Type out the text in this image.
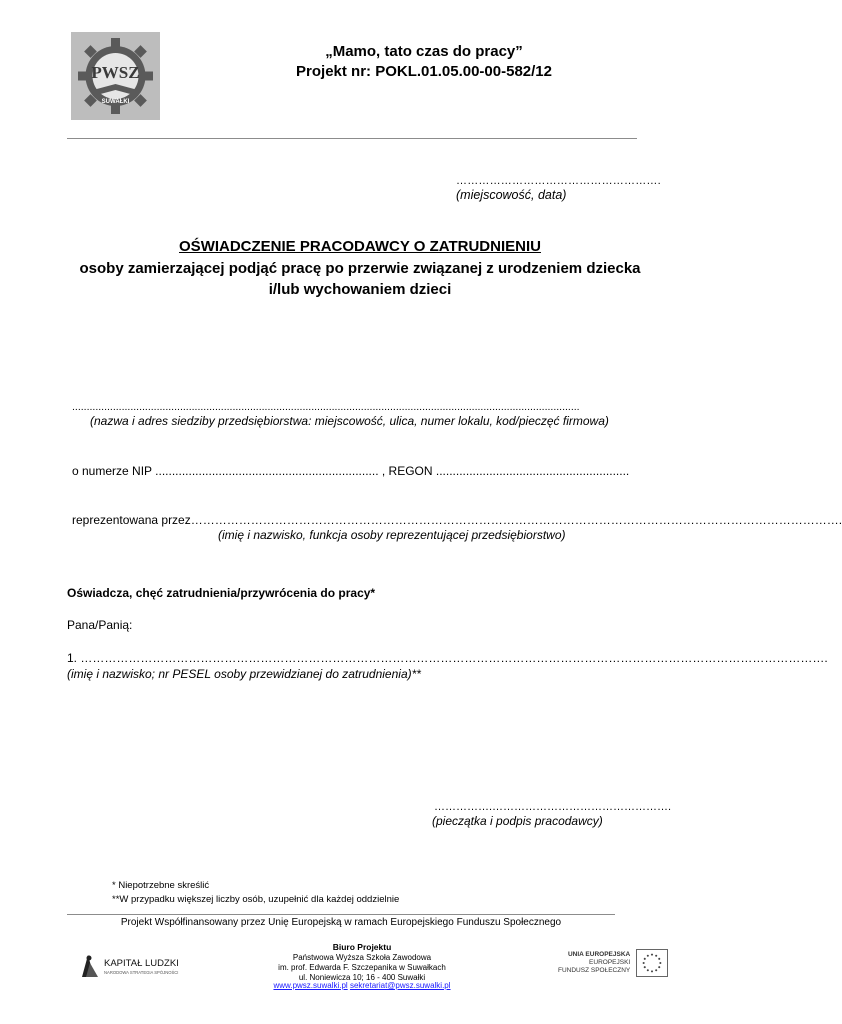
PWSZ
SUWAŁKI
„Mamo, tato czas do pracy”
Projekt nr: POKL.01.05.00-00-582/12
……………………………………………….
(miejscowość, data)
OŚWIADCZENIE PRACODAWCY O ZATRUDNIENIU
osoby zamierzającej podjąć pracę po przerwie związanej z urodzeniem dziecka
i/lub wychowaniem dzieci
..............................................................................................................................................................................
(nazwa i adres siedziby przedsiębiorstwa: miejscowość, ulica, numer lokalu, kod/pieczęć firmowa)
o numerze NIP ................................................................... , REGON ..........................................................
reprezentowana przez……………………………………………………………………………………………………………………………………………….
(imię i nazwisko, funkcja osoby reprezentującej przedsiębiorstwo)
Oświadcza, chęć zatrudnienia/przywrócenia do pracy*
Pana/Panią:
1. …………………………………………………………………………………………………………………………………………………………………….
(imię i nazwisko; nr PESEL osoby przewidzianej do zatrudnienia)**
…………….………………………………………….
(pieczątka i podpis pracodawcy)
* Niepotrzebne skreślić
**W przypadku większej liczby osób, uzupełnić dla każdej oddzielnie
Projekt Współfinansowany przez Unię Europejską w ramach Europejskiego Funduszu Społecznego
KAPITAŁ LUDZKI
NARODOWA STRATEGIA SPÓJNOŚCI
Biuro Projektu
Państwowa Wyższa Szkoła Zawodowa
im. prof. Edwarda F. Szczepanika w Suwałkach
ul. Noniewicza 10; 16 - 400 Suwałki
www.pwsz.suwalki.pl sekretariat@pwsz.suwalki.pl
UNIA EUROPEJSKA
EUROPEJSKI
FUNDUSZ SPOŁECZNY
